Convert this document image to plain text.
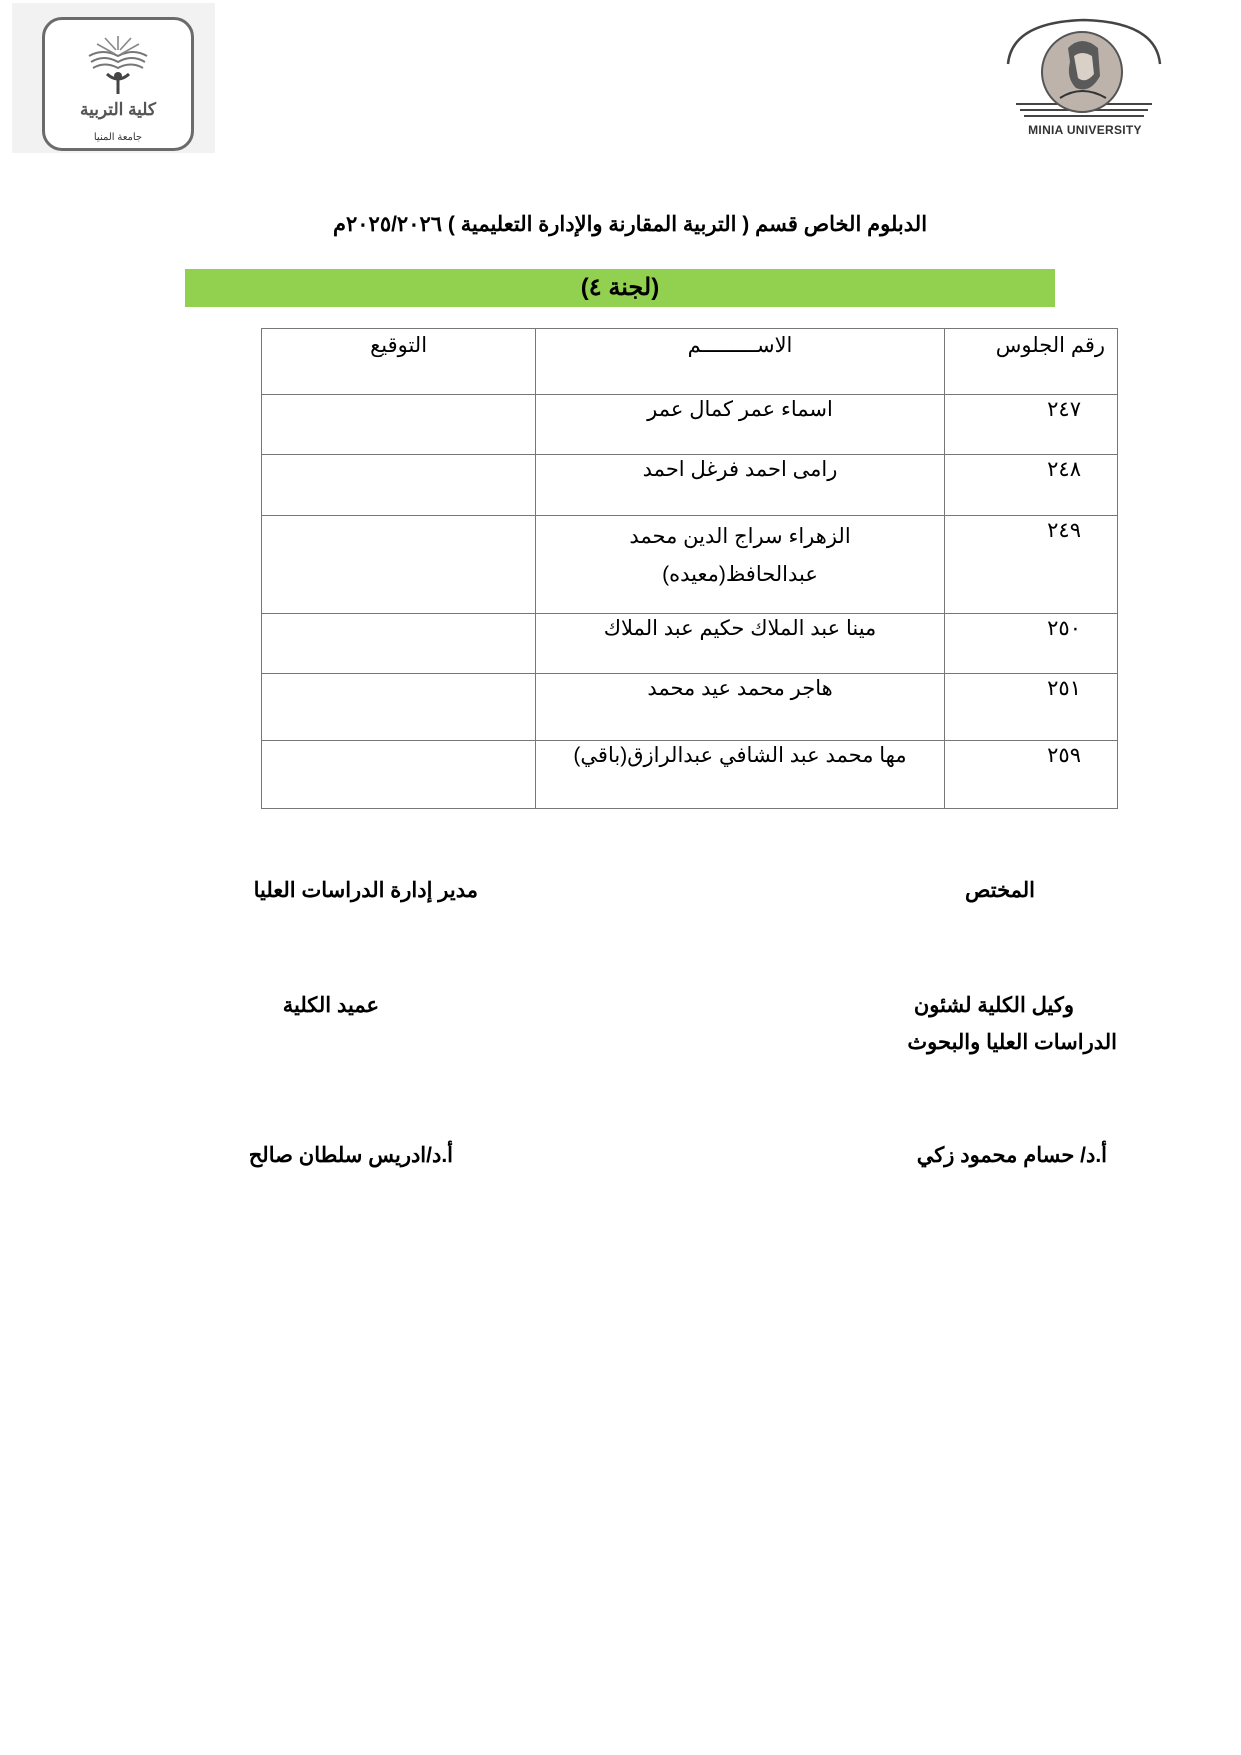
كلية التربية
جامعة المنيا
MINIA UNIVERSITY
الدبلوم الخاص قسم ( التربية المقارنة والإدارة التعليمية ) ٢٠٢٥/٢٠٢٦م
(لجنة ٤)
رقم الجلوس	الاســـــــــم	التوقيع
٢٤٧	اسماء عمر كمال عمر	
٢٤٨	رامى احمد فرغل احمد	
٢٤٩	الزهراء سراج الدين محمد عبدالحافظ(معيده)	
٢٥٠	مينا عبد الملاك حكيم عبد الملاك	
٢٥١	هاجر محمد عيد محمد	
٢٥٩	مها محمد عبد الشافي عبدالرازق(باقي)	
المختص
مدير إدارة الدراسات العليا
وكيل الكلية لشئون
الدراسات العليا والبحوث
عميد الكلية
أ.د/ حسام محمود زكي
أ.د/ادريس سلطان صالح
